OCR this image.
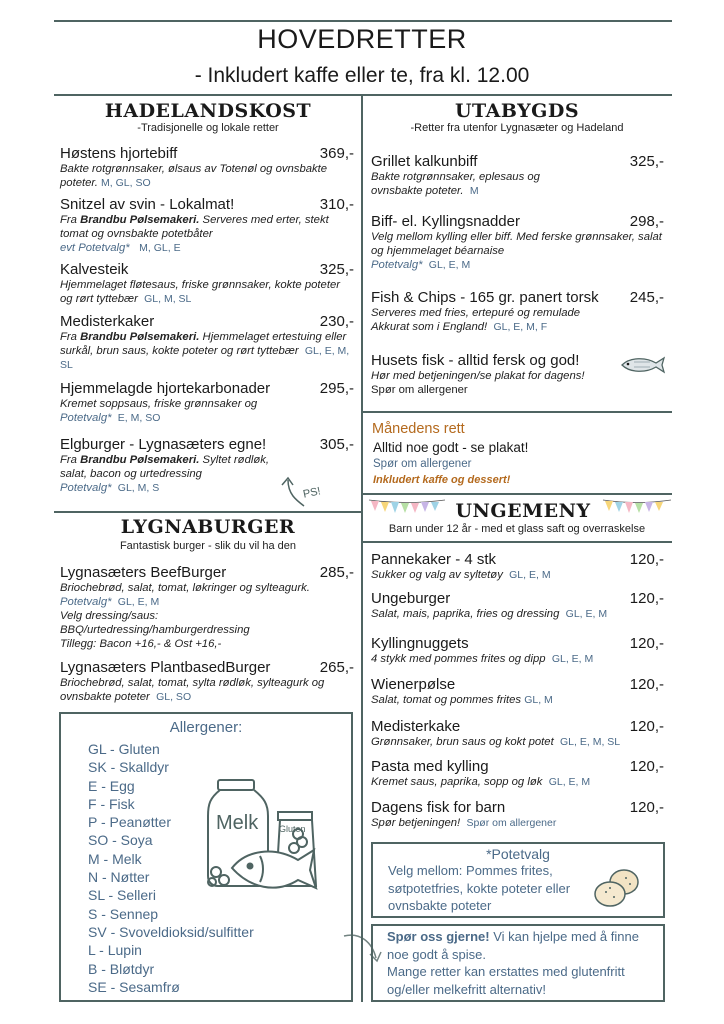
HOVEDRETTER
- Inkludert kaffe eller te, fra kl. 12.00
HADELANDSKOST
-Tradisjonelle og lokale retter
Høstens hjortebiff	369,-
Bakte rotgrønnsaker, ølsaus av Totenøl og ovnsbakte poteter. M, GL, SO
Snitzel av svin - Lokalmat!	310,-
Fra Brandbu Pølsemakeri. Serveres med erter, stekt tomat og ovnsbakte potetbåter
evt Potetvalg* M, GL, E
Kalvesteik	325,-
Hjemmelaget fløtesaus, friske grønnsaker, kokte poteter og rørt tyttebær GL, M, SL
Medisterkaker	230,-
Fra Brandbu Pølsemakeri. Hjemmelaget ertestuing eller surkål, brun saus, kokte poteter og rørt tyttebær GL, E, M, SL
Hjemmelagde hjortekarbonader	295,-
Kremet soppsaus, friske grønnsaker og
Potetvalg* E, M, SO
Elgburger - Lygnasæters egne!	305,-
Fra Brandbu Pølsemakeri. Syltet rødløk, salat, bacon og urtedressing
Potetvalg* GL, M, S	PS!
LYGNABURGER
Fantastisk burger - slik du vil ha den
Lygnasæters BeefBurger	285,-
Briochebrød, salat, tomat, løkringer og sylteagurk. Potetvalg* GL, E, M
Velg dressing/saus:
BBQ/urtedressing/hamburgerdressing
Tillegg: Bacon +16,- & Ost +16,-
Lygnasæters PlantbasedBurger	265,-
Briochebrød, salat, tomat, sylta rødløk, sylteagurk og ovnsbakte poteter GL, SO
Allergener:
GL - Gluten
SK - Skalldyr
E - Egg
F - Fisk
P - Peanøtter
SO - Soya
M - Melk
N - Nøtter
SL - Selleri
S - Sennep
SV - Svoveldioksid/sulfitter
L - Lupin
B - Bløtdyr
SE - Sesamfrø
Melk Gluten
UTABYGDS
-Retter fra utenfor Lygnasæter og Hadeland
Grillet kalkunbiff	325,-
Bakte rotgrønnsaker, eplesaus og ovnsbakte poteter. M
Biff- el. Kyllingsnadder	298,-
Velg mellom kylling eller biff. Med ferske grønnsaker, salat og hjemmelaget béarnaise
Potetvalg* GL, E, M
Fish & Chips - 165 gr. panert torsk 245,-
Serveres med fries, ertepuré og remulade Akkurat som i England! GL, E, M, F
Husets fisk - alltid fersk og god!
Hør med betjeningen/se plakat for dagens!
Spør om allergener
Månedens rett
Alltid noe godt - se plakat!
Spør om allergener
Inkludert kaffe og dessert!
UNGEMENY
Barn under 12 år - med et glass saft og overraskelse
Pannekaker - 4 stk	120,-
Sukker og valg av syltetøy GL, E, M
Ungeburger	120,-
Salat, mais, paprika, fries og dressing GL, E, M
Kyllingnuggets	120,-
4 stykk med pommes frites og dipp GL, E, M
Wienerpølse	120,-
Salat, tomat og pommes frites GL, M
Medisterkake	120,-
Grønnsaker, brun saus og kokt potet GL, E, M, SL
Pasta med kylling	120,-
Kremet saus, paprika, sopp og løk GL, E, M
Dagens fisk for barn	120,-
Spør betjeningen! Spør om allergener
*Potetvalg
Velg mellom: Pommes frites, søtpotetfries, kokte poteter eller ovnsbakte poteter
Spør oss gjerne! Vi kan hjelpe med å finne noe godt å spise.
Mange retter kan erstattes med glutenfritt og/eller melkefritt alternativ!
